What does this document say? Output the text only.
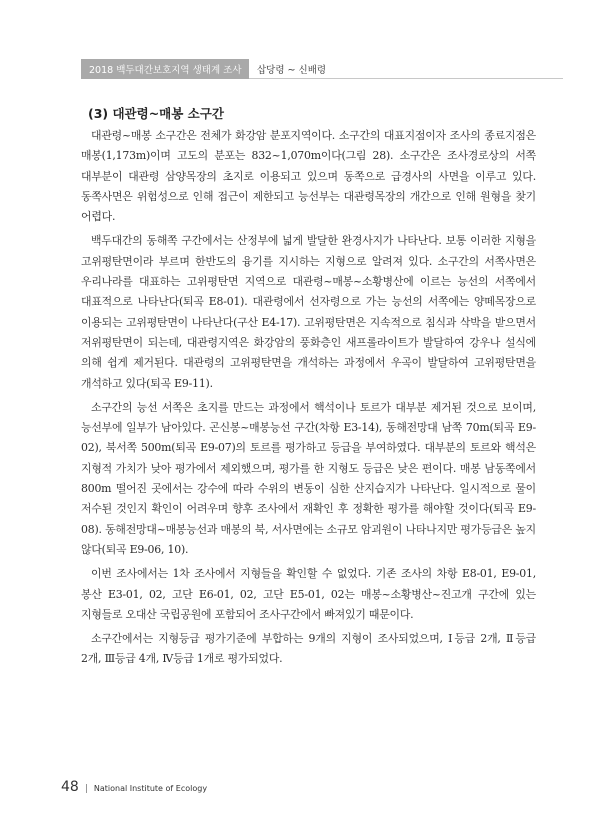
2018 백두대간보호지역 생태계 조사	삽당령 ~ 신배령
(3) 대관령~매봉 소구간

대관령~매봉 소구간은 전체가 화강암 분포지역이다. 소구간의 대표지점이자 조사의 종료지점은 매봉(1,173m)이며 고도의 분포는 832~1,070m이다(그림 28). 소구간은 조사경로상의 서쪽 대부분이 대관령 삼양목장의 초지로 이용되고 있으며 동쪽으로 급경사의 사면을 이루고 있다. 동쪽사면은 위험성으로 인해 접근이 제한되고 능선부는 대관령목장의 개간으로 인해 원형을 찾기 어렵다.

백두대간의 동해쪽 구간에서는 산정부에 넓게 발달한 완경사지가 나타난다. 보통 이러한 지형을 고위평탄면이라 부르며 한반도의 융기를 지시하는 지형으로 알려져 있다. 소구간의 서쪽사면은 우리나라를 대표하는 고위평탄면 지역으로 대관령~매봉~소황병산에 이르는 능선의 서쪽에서 대표적으로 나타난다(퇴곡 E8-01). 대관령에서 선자령으로 가는 능선의 서쪽에는 양떼목장으로 이용되는 고위평탄면이 나타난다(구산 E4-17). 고위평탄면은 지속적으로 침식과 삭박을 받으면서 저위평탄면이 되는데, 대관령지역은 화강암의 풍화층인 새프롤라이트가 발달하여 강우나 설식에 의해 쉽게 제거된다. 대관령의 고위평탄면을 개석하는 과정에서 우곡이 발달하여 고위평탄면을 개석하고 있다(퇴곡 E9-11).

소구간의 능선 서쪽은 초지를 만드는 과정에서 핵석이나 토르가 대부분 제거된 것으로 보이며, 능선부에 일부가 남아있다. 곤신봉~매봉능선 구간(차항 E3-14), 동해전망대 남쪽 70m(퇴곡 E9-02), 북서쪽 500m(퇴곡 E9-07)의 토르를 평가하고 등급을 부여하였다. 대부분의 토르와 핵석은 지형적 가치가 낮아 평가에서 제외했으며, 평가를 한 지형도 등급은 낮은 편이다. 매봉 남동쪽에서 800m 떨어진 곳에서는 강수에 따라 수위의 변동이 심한 산지습지가 나타난다. 일시적으로 물이 저수된 것인지 확인이 어려우며 향후 조사에서 재확인 후 정확한 평가를 해야할 것이다(퇴곡 E9-08). 동해전망대~매봉능선과 매봉의 북, 서사면에는 소규모 암괴원이 나타나지만 평가등급은 높지 않다(퇴곡 E9-06, 10).

이번 조사에서는 1차 조사에서 지형들을 확인할 수 없었다. 기존 조사의 차항 E8-01, E9-01, 봉산 E3-01, 02, 고단 E6-01, 02, 고단 E5-01, 02는 매봉~소황병산~진고개 구간에 있는 지형들로 오대산 국립공원에 포함되어 조사구간에서 빠져있기 때문이다.

소구간에서는 지형등급 평가기준에 부합하는 9개의 지형이 조사되었으며, Ⅰ등급 2개, Ⅱ등급 2개, Ⅲ등급 4개, Ⅳ등급 1개로 평가되었다.

48 | National Institute of Ecology
